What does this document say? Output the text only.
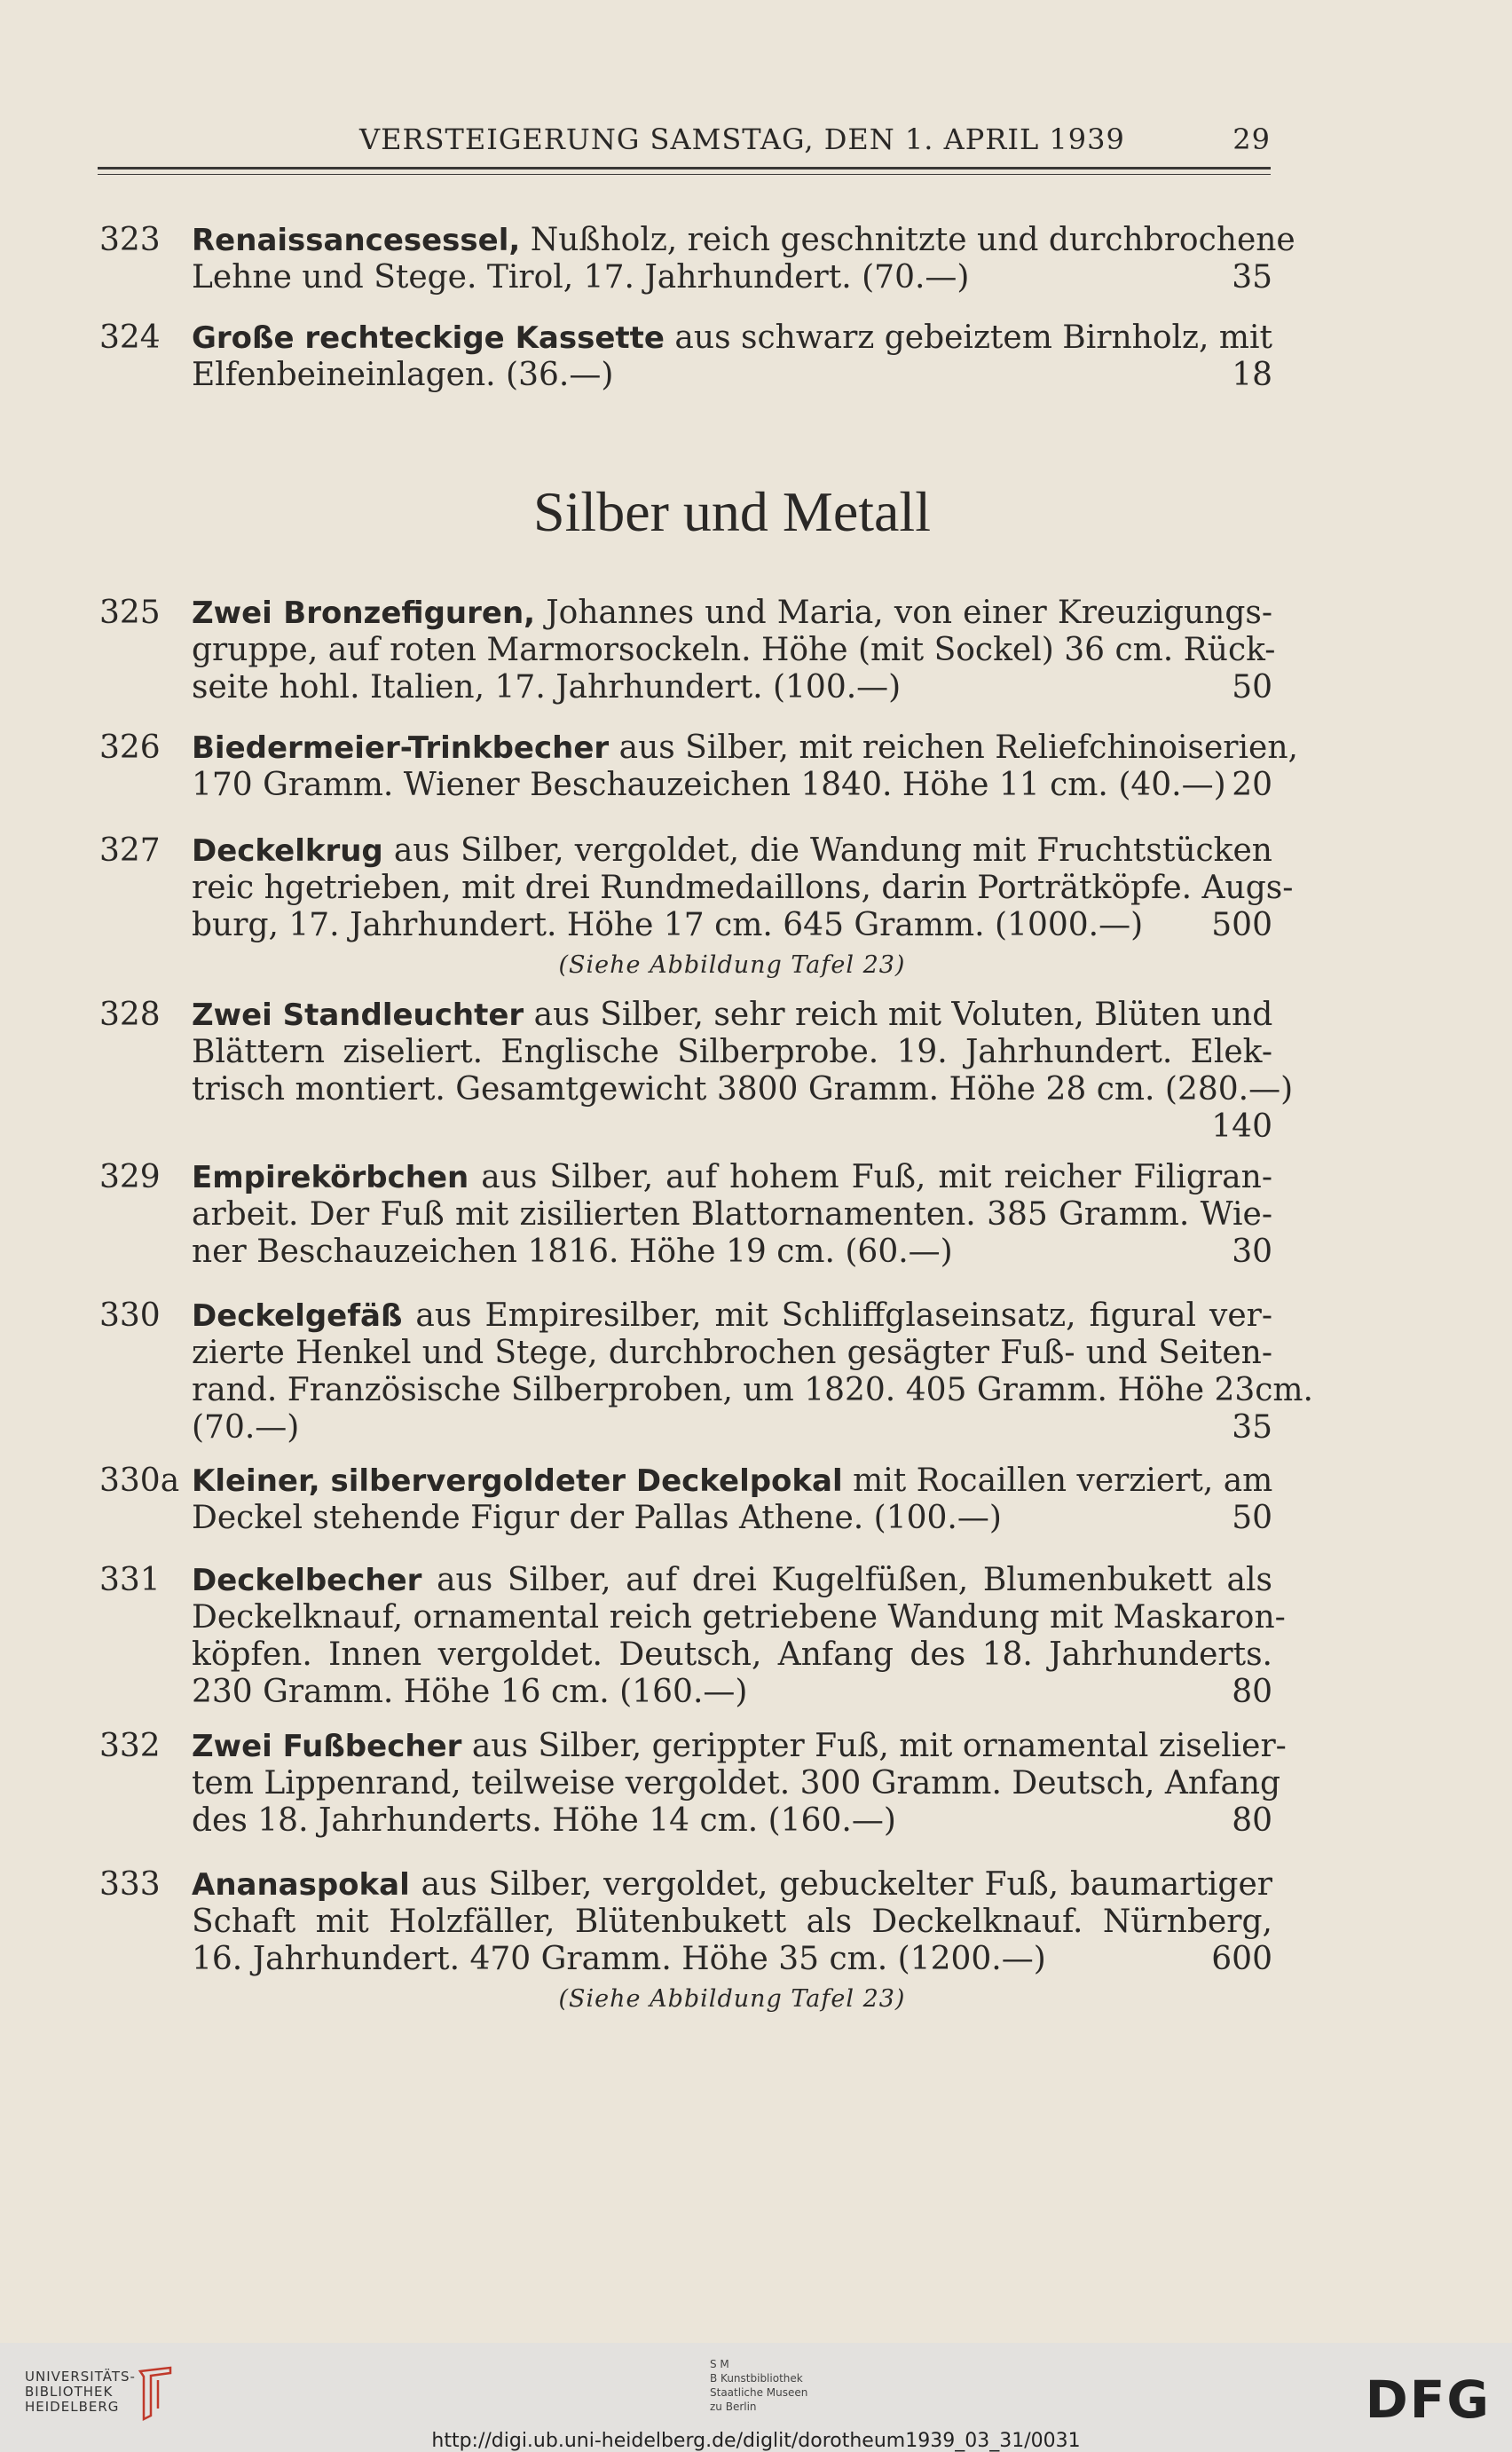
VERSTEIGERUNG SAMSTAG, DEN 1. APRIL 1939	29
Silber und Metall
323 Renaissancesessel, Nußholz, reich geschnitzte und durchbrochene
Lehne und Stege. Tirol, 17. Jahrhundert. (70.—)	35
324 Große rechteckige Kassette aus schwarz gebeiztem Birnholz, mit
Elfenbeineinlagen. (36.—)	18
325 Zwei Bronzefiguren, Johannes und Maria, von einer Kreuzigungs-
gruppe, auf roten Marmorsockeln. Höhe (mit Sockel) 36 cm. Rück-
seite hohl. Italien, 17. Jahrhundert. (100.—)	50
326 Biedermeier-Trinkbecher aus Silber, mit reichen Reliefchinoiserien,
170 Gramm. Wiener Beschauzeichen 1840. Höhe 11 cm. (40.—) 20
327 Deckelkrug aus Silber, vergoldet, die Wandung mit Fruchtstücken
reic hgetrieben, mit drei Rundmedaillons, darin Porträtköpfe. Augs-
burg, 17. Jahrhundert. Höhe 17 cm. 645 Gramm. (1000.—)	500
(Siehe Abbildung Tafel 23)
328 Zwei Standleuchter aus Silber, sehr reich mit Voluten, Blüten und
Blättern ziseliert. Englische Silberprobe. 19. Jahrhundert. Elek-
trisch montiert. Gesamtgewicht 3800 Gramm. Höhe 28 cm. (280.—)
140
329 Empirekörbchen aus Silber, auf hohem Fuß, mit reicher Filigran-
arbeit. Der Fuß mit zisilierten Blattornamenten. 385 Gramm. Wie-
ner Beschauzeichen 1816. Höhe 19 cm. (60.—)	30
330 Deckelgefäß aus Empiresilber, mit Schliffglaseinsatz, figural ver-
zierte Henkel und Stege, durchbrochen gesägter Fuß- und Seiten-
rand. Französische Silberproben, um 1820. 405 Gramm. Höhe 23cm.
(70.—)	35
330a Kleiner, silbervergoldeter Deckelpokal mit Rocaillen verziert, am
Deckel stehende Figur der Pallas Athene. (100.—)	50
331 Deckelbecher aus Silber, auf drei Kugelfüßen, Blumenbukett als
Deckelknauf, ornamental reich getriebene Wandung mit Maskaron-
köpfen. Innen vergoldet. Deutsch, Anfang des 18. Jahrhunderts.
230 Gramm. Höhe 16 cm. (160.—)	80
332 Zwei Fußbecher aus Silber, gerippter Fuß, mit ornamental ziselier-
tem Lippenrand, teilweise vergoldet. 300 Gramm. Deutsch, Anfang
des 18. Jahrhunderts. Höhe 14 cm. (160.—)	80
333 Ananaspokal aus Silber, vergoldet, gebuckelter Fuß, baumartiger
Schaft mit Holzfäller, Blütenbukett als Deckelknauf. Nürnberg,
16. Jahrhundert. 470 Gramm. Höhe 35 cm. (1200.—)	600
(Siehe Abbildung Tafel 23)
UNIVERSITÄTS-
BIBLIOTHEK
HEIDELBERG
S M
B Kunstbibliothek
Staatliche Museen
zu Berlin	DFG
http://digi.ub.uni-heidelberg.de/diglit/dorotheum1939_03_31/0031
